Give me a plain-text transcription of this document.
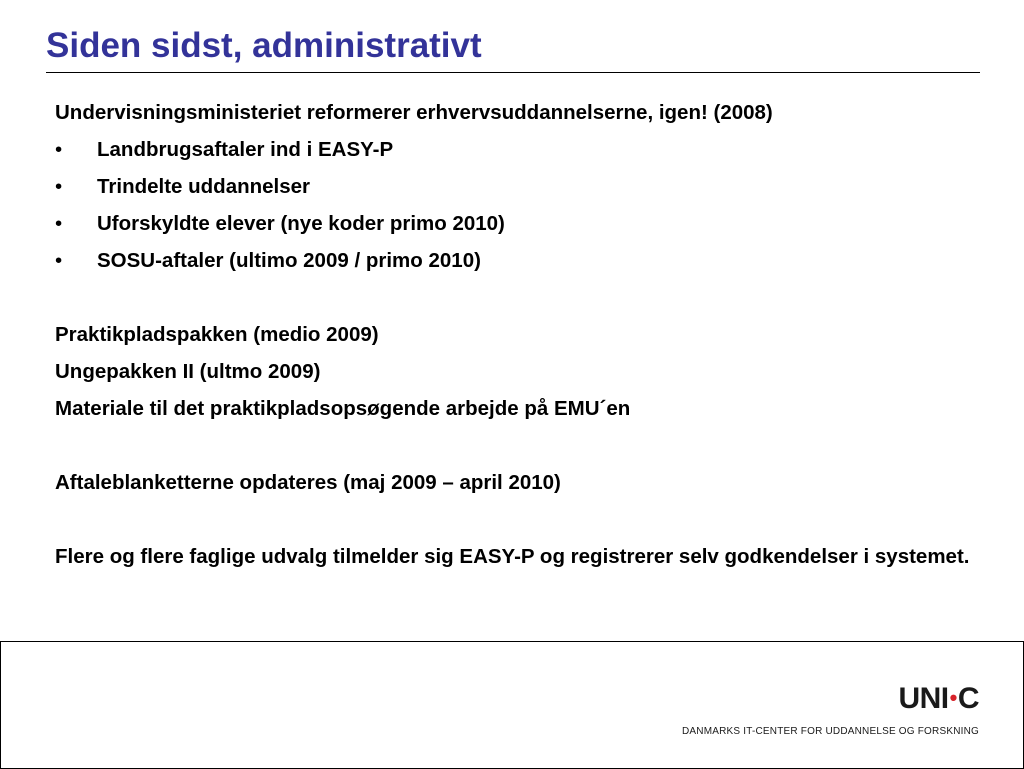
Siden sidst, administrativt
Undervisningsministeriet reformerer erhvervsuddannelserne, igen! (2008)
•	Landbrugsaftaler ind i EASY-P
•	Trindelte uddannelser
•	Uforskyldte elever (nye koder primo 2010)
•	SOSU-aftaler (ultimo 2009 / primo 2010)
Praktikpladspakken (medio 2009)
Ungepakken II (ultmo 2009)
Materiale til det praktikpladsopsøgende arbejde på EMU´en
Aftaleblanketterne opdateres (maj 2009 – april 2010)
Flere og flere faglige udvalg tilmelder sig EASY-P og registrerer selv godkendelser i systemet.
UNI•C
DANMARKS IT-CENTER FOR UDDANNELSE OG FORSKNING
